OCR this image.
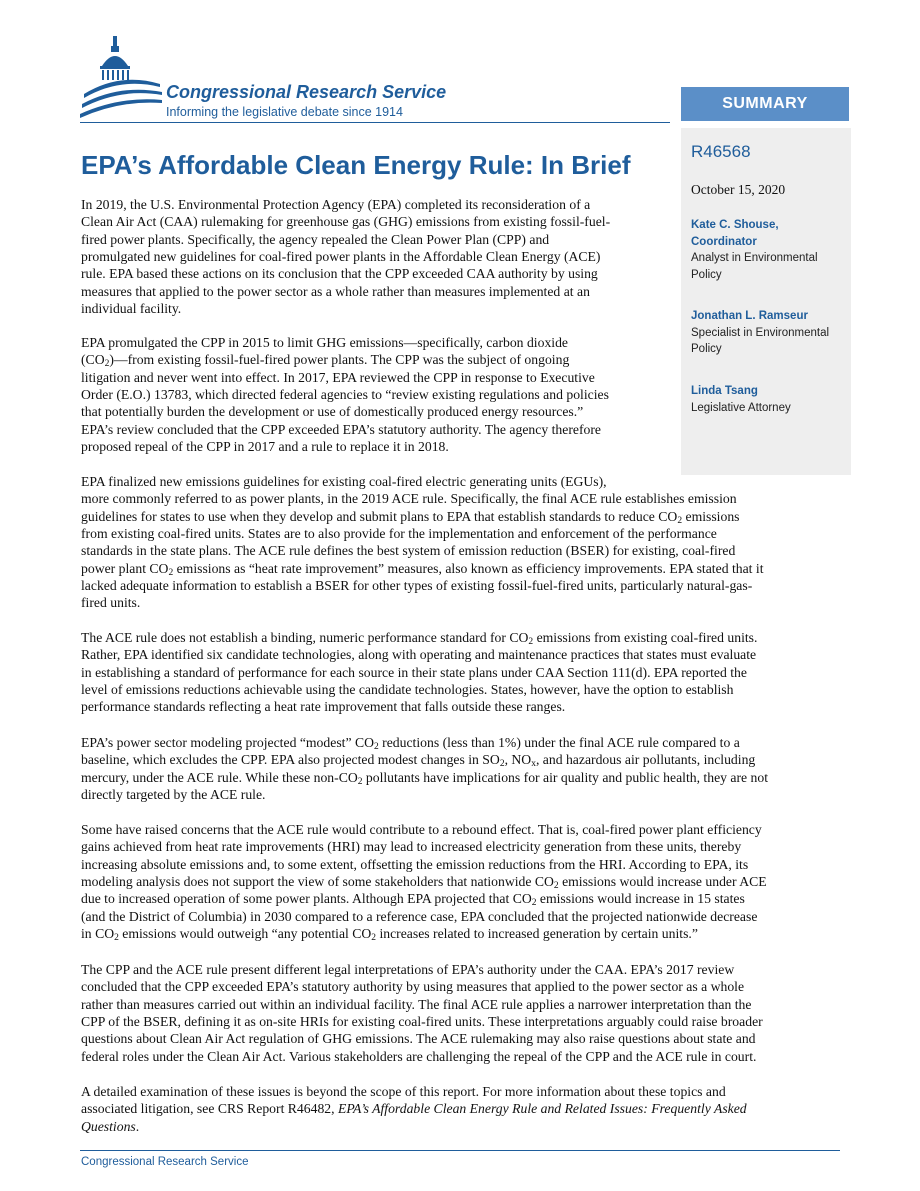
Congressional Research Service
Informing the legislative debate since 1914	SUMMARY
R46568
October 15, 2020
Kate C. Shouse,
Coordinator
Analyst in Environmental
Policy
Jonathan L. Ramseur
Specialist in Environmental
Policy
Linda Tsang
Legislative Attorney
EPA’s Affordable Clean Energy Rule: In Brief
In 2019, the U.S. Environmental Protection Agency (EPA) completed its reconsideration of a
Clean Air Act (CAA) rulemaking for greenhouse gas (GHG) emissions from existing fossil-fuel-
fired power plants. Specifically, the agency repealed the Clean Power Plan (CPP) and
promulgated new guidelines for coal-fired power plants in the Affordable Clean Energy (ACE)
rule. EPA based these actions on its conclusion that the CPP exceeded CAA authority by using
measures that applied to the power sector as a whole rather than measures implemented at an
individual facility.
EPA promulgated the CPP in 2015 to limit GHG emissions—specifically, carbon dioxide
$(CO_2)—from$ existing fossil-fuel-fired power plants. The CPP was the subject of ongoing
litigation and never went into effect. In 2017, EPA reviewed the CPP in response to Executive
Order (E.O.) 13783, which directed federal agencies to “review existing regulations and policies
that potentially burden the development or use of domestically produced energy resources.”
EPA’s review concluded that the CPP exceeded EPA’s statutory authority. The agency therefore
proposed repeal of the CPP in 2017 and a rule to replace it in 2018.
EPA finalized new emissions guidelines for existing coal-fired electric generating units (EGUs),
more commonly referred to as power plants, in the 2019 ACE rule. Specifically, the final ACE rule establishes emission
guidelines for states to use when they develop and submit plans to EPA that establish standards to reduce $CO_2$ emissions
from existing coal-fired units. States are to also provide for the implementation and enforcement of the performance
standards in the state plans. The ACE rule defines the best system of emission reduction (BSER) for existing, coal-fired
power plant $CO_2$ emissions as “heat rate improvement” measures, also known as efficiency improvements. EPA stated that it
lacked adequate information to establish a BSER for other types of existing fossil-fuel-fired units, particularly natural-gas-
fired units.
The ACE rule does not establish a binding, numeric performance standard for $CO_2$ emissions from existing coal-fired units.
Rather, EPA identified six candidate technologies, along with operating and maintenance practices that states must evaluate
in establishing a standard of performance for each source in their state plans under CAA Section 111(d). EPA reported the
level of emissions reductions achievable using the candidate technologies. States, however, have the option to establish
performance standards reflecting a heat rate improvement that falls outside these ranges.
EPA’s power sector modeling projected “modest” $CO_2$ reductions (less than 1%) under the final ACE rule compared to a
baseline, which excludes the CPP. EPA also projected modest changes in $SO_2$, $NO_x$, and hazardous air pollutants, including
mercury, under the ACE rule. While these non-$CO_2$ pollutants have implications for air quality and public health, they are not
directly targeted by the ACE rule.
Some have raised concerns that the ACE rule would contribute to a rebound effect. That is, coal-fired power plant efficiency
gains achieved from heat rate improvements (HRI) may lead to increased electricity generation from these units, thereby
increasing absolute emissions and, to some extent, offsetting the emission reductions from the HRI. According to EPA, its
modeling analysis does not support the view of some stakeholders that nationwide $CO_2$ emissions would increase under ACE
due to increased operation of some power plants. Although EPA projected that $CO_2$ emissions would increase in 15 states
(and the District of Columbia) in 2030 compared to a reference case, EPA concluded that the projected nationwide decrease
in $CO_2$ emissions would outweigh “any potential $CO_2$ increases related to increased generation by certain units.”
The CPP and the ACE rule present different legal interpretations of EPA’s authority under the CAA. EPA’s 2017 review
concluded that the CPP exceeded EPA’s statutory authority by using measures that applied to the power sector as a whole
rather than measures carried out within an individual facility. The final ACE rule applies a narrower interpretation than the
CPP of the BSER, defining it as on-site HRIs for existing coal-fired units. These interpretations arguably could raise broader
questions about Clean Air Act regulation of GHG emissions. The ACE rulemaking may also raise questions about state and
federal roles under the Clean Air Act. Various stakeholders are challenging the repeal of the CPP and the ACE rule in court.
A detailed examination of these issues is beyond the scope of this report. For more information about these topics and
associated litigation, see CRS Report R46482, EPA’s Affordable Clean Energy Rule and Related Issues: Frequently Asked
Questions.
Congressional Research Service
